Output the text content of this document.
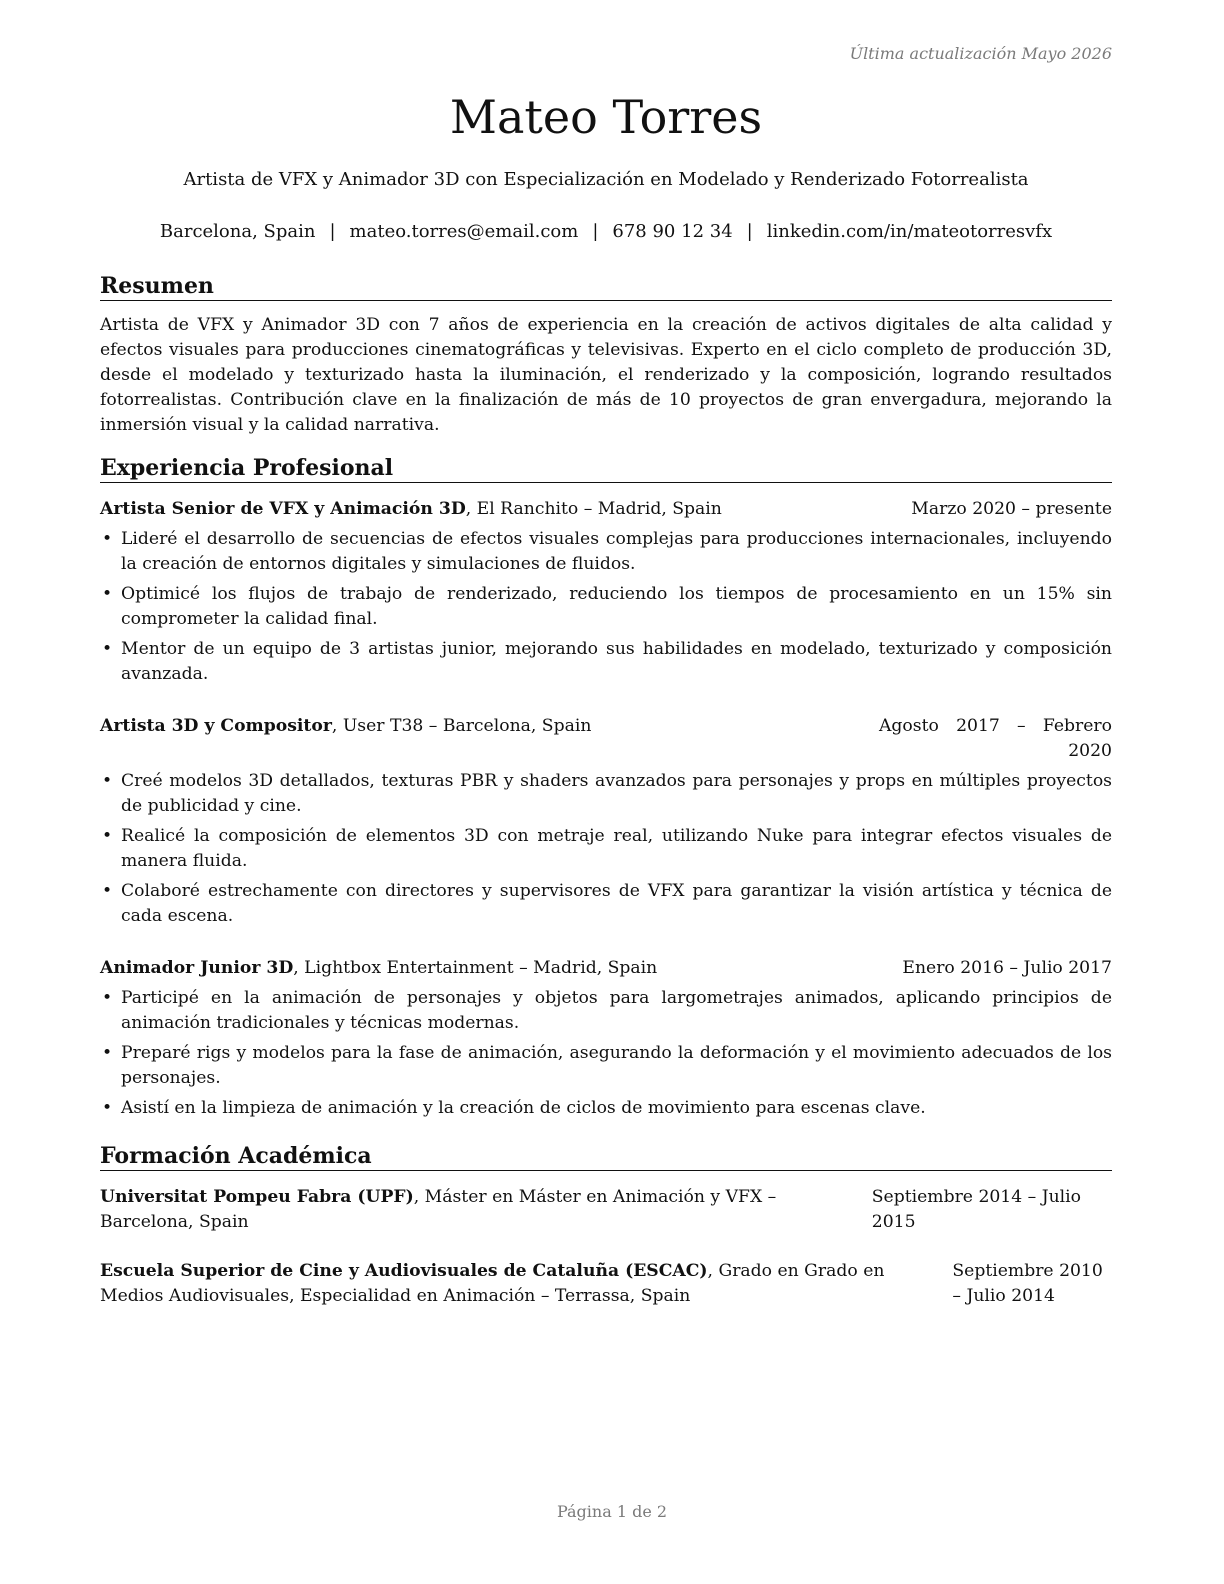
Última actualización Mayo 2026
Mateo Torres
Artista de VFX y Animador 3D con Especialización en Modelado y Renderizado Fotorrealista
Barcelona, Spain | mateo.torres@email.com | 678 90 12 34 | linkedin.com/in/mateotorresvfx
Resumen

Artista de VFX y Animador 3D con 7 años de experiencia en la creación de activos digitales de alta calidad y efectos visuales para producciones cinematográficas y televisivas. Experto en el ciclo completo de producción 3D, desde el modelado y texturizado hasta la iluminación, el renderizado y la composición, logrando resultados fotorrealistas. Contribución clave en la finalización de más de 10 proyectos de gran envergadura, mejorando la inmersión visual y la calidad narrativa.

Experiencia Profesional
Artista Senior de VFX y Animación 3D, El Ranchito – Madrid, Spain	Marzo 2020 – presente
• Lideré el desarrollo de secuencias de efectos visuales complejas para producciones internacionales, incluyendo la creación de entornos digitales y simulaciones de fluidos.
• Optimicé los flujos de trabajo de renderizado, reduciendo los tiempos de procesamiento en un 15% sin comprometer la calidad final.
• Mentor de un equipo de 3 artistas junior, mejorando sus habilidades en modelado, texturizado y composición avanzada.
Artista 3D y Compositor, User T38 – Barcelona, Spain	Agosto 2017 – Febrero 2020
• Creé modelos 3D detallados, texturas PBR y shaders avanzados para personajes y props en múltiples proyectos de publicidad y cine.
• Realicé la composición de elementos 3D con metraje real, utilizando Nuke para integrar efectos visuales de manera fluida.
• Colaboré estrechamente con directores y supervisores de VFX para garantizar la visión artística y técnica de cada escena.
Animador Junior 3D, Lightbox Entertainment – Madrid, Spain	Enero 2016 – Julio 2017
• Participé en la animación de personajes y objetos para largometrajes animados, aplicando principios de animación tradicionales y técnicas modernas.
• Preparé rigs y modelos para la fase de animación, asegurando la deformación y el movimiento adecuados de los personajes.
• Asistí en la limpieza de animación y la creación de ciclos de movimiento para escenas clave.
Formación Académica
Universitat Pompeu Fabra (UPF), Máster en Máster en Animación y VFX – Barcelona, Spain
Septiembre 2014 – Julio 2015
Escuela Superior de Cine y Audiovisuales de Cataluña (ESCAC), Grado en Grado en Medios Audiovisuales, Especialidad en Animación – Terrassa, Spain
Septiembre 2010 – Julio 2014
Página 1 de 2
